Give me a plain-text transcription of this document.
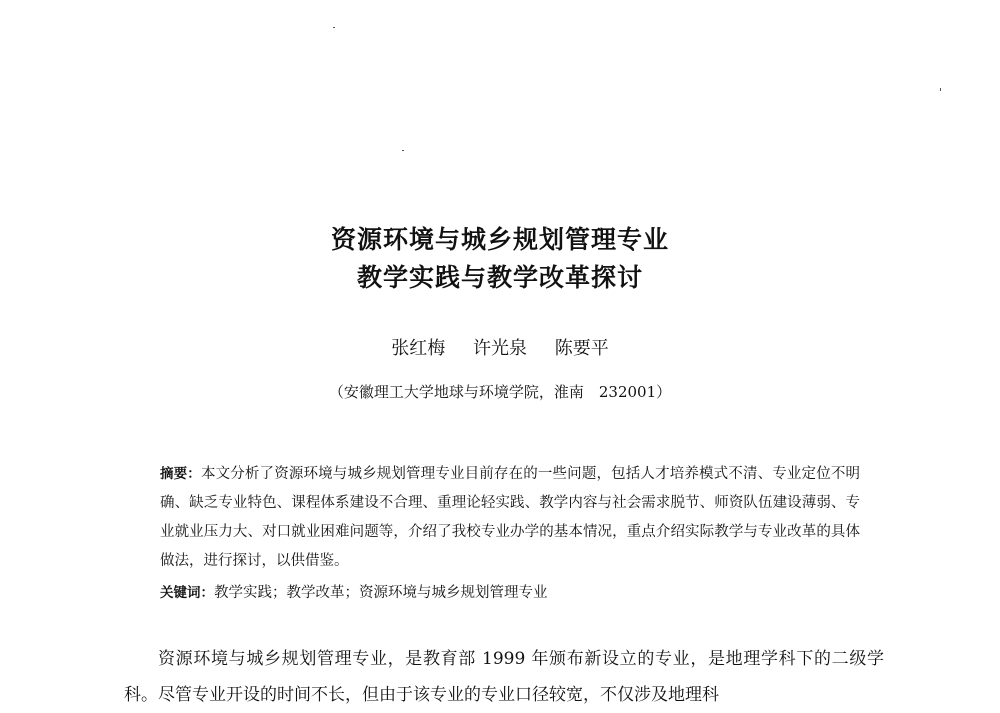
资源环境与城乡规划管理专业
教学实践与教学改革探讨
张红梅 许光泉 陈要平
（安徽理工大学地球与环境学院，淮南　232001）
摘要：本文分析了资源环境与城乡规划管理专业目前存在的一些问题，包括人才培养模式不清、专业定位不明确、缺乏专业特色、课程体系建设不合理、重理论轻实践、教学内容与社会需求脱节、师资队伍建设薄弱、专业就业压力大、对口就业困难问题等，介绍了我校专业办学的基本情况，重点介绍实际教学与专业改革的具体做法，进行探讨，以供借鉴。
关键词：教学实践；教学改革；资源环境与城乡规划管理专业
资源环境与城乡规划管理专业，是教育部 1999 年颁布新设立的专业，是地理学科下的二级学科。尽管专业开设的时间不长，但由于该专业的专业口径较宽，不仅涉及地理科
